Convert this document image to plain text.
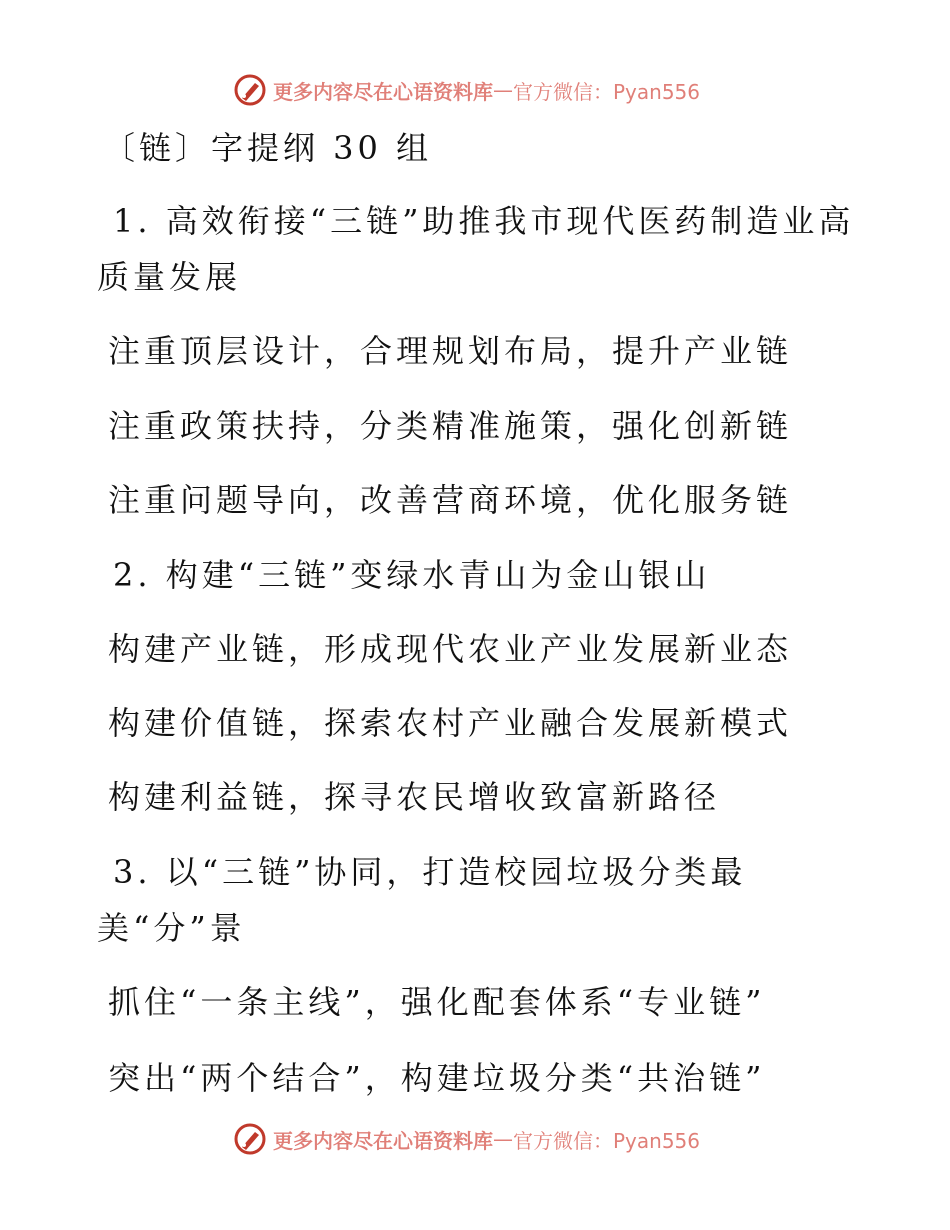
更多内容尽在心语资料库 — 官方微信：Pyan556
〔链〕字提纲 30 组
1. 高效衔接“三链”助推我市现代医药制造业高
质量发展
注重顶层设计，合理规划布局，提升产业链
注重政策扶持，分类精准施策，强化创新链
注重问题导向，改善营商环境，优化服务链
2. 构建“三链”变绿水青山为金山银山
构建产业链，形成现代农业产业发展新业态
构建价值链，探索农村产业融合发展新模式
构建利益链，探寻农民增收致富新路径
3. 以“三链”协同，打造校园垃圾分类最
美“分”景
抓住“一条主线”，强化配套体系“专业链”
突出“两个结合”，构建垃圾分类“共治链”
更多内容尽在心语资料库 — 官方微信：Pyan556
